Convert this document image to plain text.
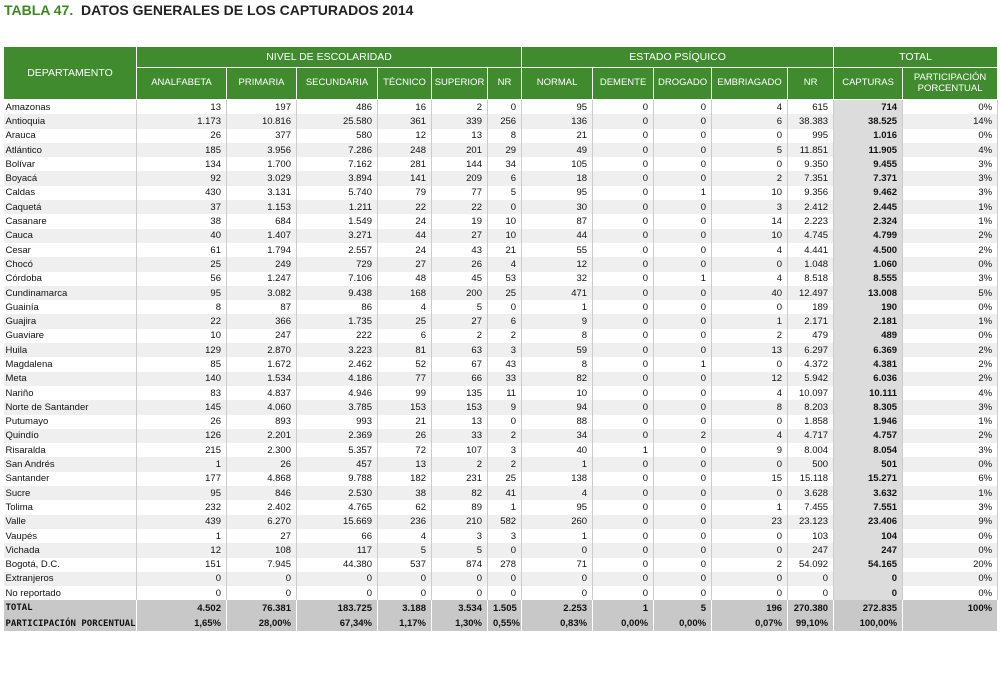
TABLA 47. DATOS GENERALES DE LOS CAPTURADOS 2014
DEPARTAMENTO	NIVEL DE ESCOLARIDAD						ESTADO PSÍQUICO					TOTAL	
	ANALFABETA	PRIMARIA	SECUNDARIA	TÉCNICO	SUPERIOR	NR	NORMAL	DEMENTE	DROGADO	EMBRIAGADO	NR	CAPTURAS	PARTICIPACIÓN PORCENTUAL
Amazonas	13	197	486	16	2	0	95	0	0	4	615	714	0%
Antioquia	1.173	10.816	25.580	361	339	256	136	0	0	6	38.383	38.525	14%
Arauca	26	377	580	12	13	8	21	0	0	0	995	1.016	0%
Atlántico	185	3.956	7.286	248	201	29	49	0	0	5	11.851	11.905	4%
Bolívar	134	1.700	7.162	281	144	34	105	0	0	0	9.350	9.455	3%
Boyacá	92	3.029	3.894	141	209	6	18	0	0	2	7.351	7.371	3%
Caldas	430	3.131	5.740	79	77	5	95	0	1	10	9.356	9.462	3%
Caquetá	37	1.153	1.211	22	22	0	30	0	0	3	2.412	2.445	1%
Casanare	38	684	1.549	24	19	10	87	0	0	14	2.223	2.324	1%
Cauca	40	1.407	3.271	44	27	10	44	0	0	10	4.745	4.799	2%
Cesar	61	1.794	2.557	24	43	21	55	0	0	4	4.441	4.500	2%
Chocó	25	249	729	27	26	4	12	0	0	0	1.048	1.060	0%
Córdoba	56	1.247	7.106	48	45	53	32	0	1	4	8.518	8.555	3%
Cundinamarca	95	3.082	9.438	168	200	25	471	0	0	40	12.497	13.008	5%
Guainía	8	87	86	4	5	0	1	0	0	0	189	190	0%
Guajira	22	366	1.735	25	27	6	9	0	0	1	2.171	2.181	1%
Guaviare	10	247	222	6	2	2	8	0	0	2	479	489	0%
Huila	129	2.870	3.223	81	63	3	59	0	0	13	6.297	6.369	2%
Magdalena	85	1.672	2.462	52	67	43	8	0	1	0	4.372	4.381	2%
Meta	140	1.534	4.186	77	66	33	82	0	0	12	5.942	6.036	2%
Nariño	83	4.837	4.946	99	135	11	10	0	0	4	10.097	10.111	4%
Norte de Santander	145	4.060	3.785	153	153	9	94	0	0	8	8.203	8.305	3%
Putumayo	26	893	993	21	13	0	88	0	0	0	1.858	1.946	1%
Quindío	126	2.201	2.369	26	33	2	34	0	2	4	4.717	4.757	2%
Risaralda	215	2.300	5.357	72	107	3	40	1	0	9	8.004	8.054	3%
San Andrés	1	26	457	13	2	2	1	0	0	0	500	501	0%
Santander	177	4.868	9.788	182	231	25	138	0	0	15	15.118	15.271	6%
Sucre	95	846	2.530	38	82	41	4	0	0	0	3.628	3.632	1%
Tolima	232	2.402	4.765	62	89	1	95	0	0	1	7.455	7.551	3%
Valle	439	6.270	15.669	236	210	582	260	0	0	23	23.123	23.406	9%
Vaupés	1	27	66	4	3	3	1	0	0	0	103	104	0%
Vichada	12	108	117	5	5	0	0	0	0	0	247	247	0%
Bogotá, D.C.	151	7.945	44.380	537	874	278	71	0	0	2	54.092	54.165	20%
Extranjeros	0	0	0	0	0	0	0	0	0	0	0	0	0%
No reportado	0	0	0	0	0	0	0	0	0	0	0	0	0%
TOTAL	4.502	76.381	183.725	3.188	3.534	1.505	2.253	1	5	196	270.380	272.835	100%
PARTICIPACIÓN PORCENTUAL	1,65%	28,00%	67,34%	1,17%	1,30%	0,55%	0,83%	0,00%	0,00%	0,07%	99,10%	100,00%	
